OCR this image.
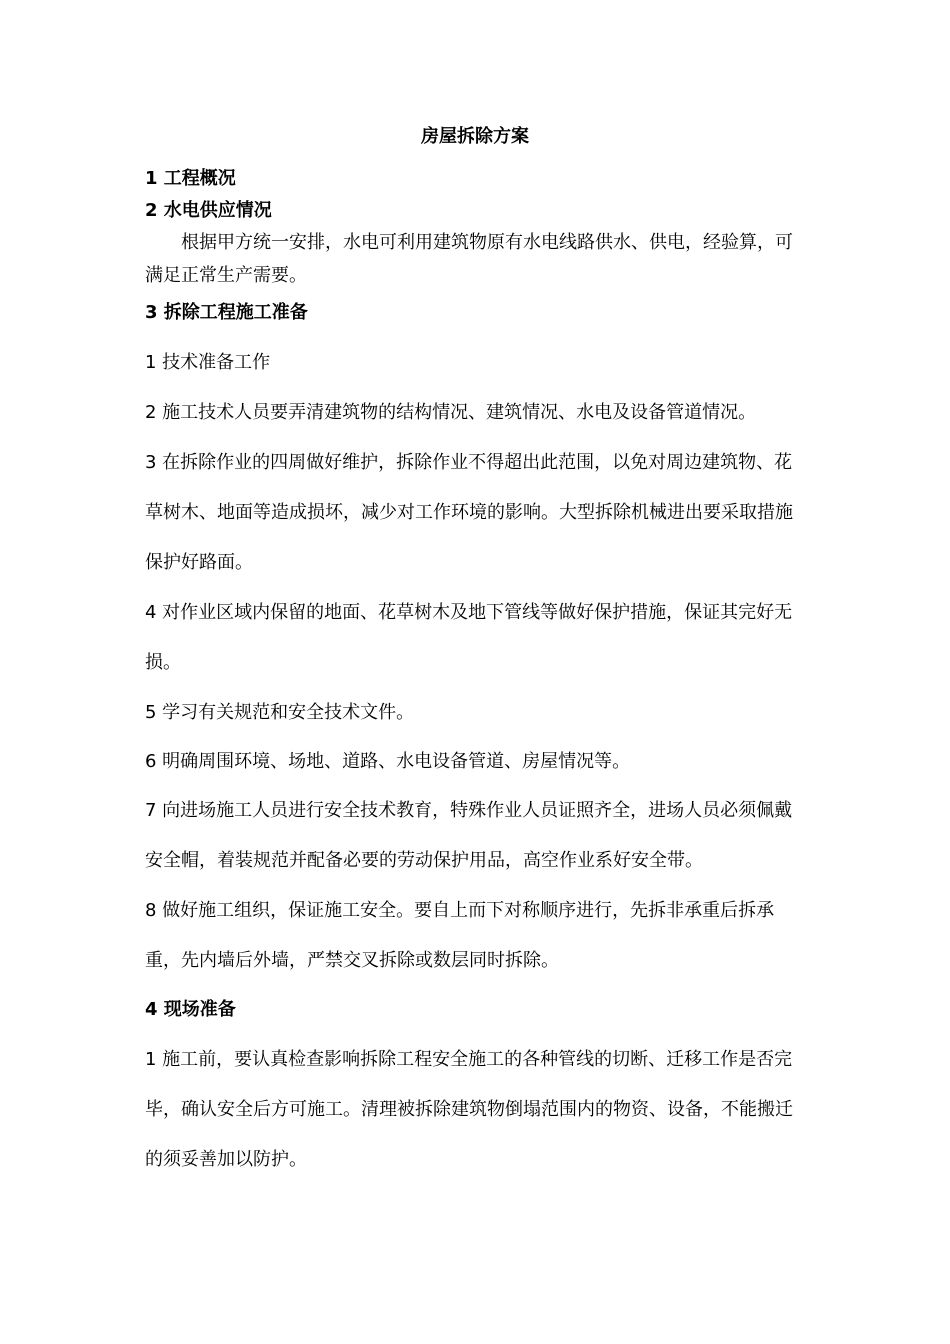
房屋拆除方案
1 工程概况
2 水电供应情况

根据甲方统一安排，水电可利用建筑物原有水电线路供水、供电，经验算，可满足正常生产需要。

3 拆除工程施工准备

1 技术准备工作

2 施工技术人员要弄清建筑物的结构情况、建筑情况、水电及设备管道情况。

3 在拆除作业的四周做好维护，拆除作业不得超出此范围，以免对周边建筑物、花草树木、地面等造成损坏，减少对工作环境的影响。大型拆除机械进出要采取措施保护好路面。

4 对作业区域内保留的地面、花草树木及地下管线等做好保护措施，保证其完好无损。

5 学习有关规范和安全技术文件。

6 明确周围环境、场地、道路、水电设备管道、房屋情况等。

7 向进场施工人员进行安全技术教育，特殊作业人员证照齐全，进场人员必须佩戴安全帽，着装规范并配备必要的劳动保护用品，高空作业系好安全带。

8 做好施工组织，保证施工安全。要自上而下对称顺序进行，先拆非承重后拆承重，先内墙后外墙，严禁交叉拆除或数层同时拆除。

4 现场准备

1 施工前，要认真检查影响拆除工程安全施工的各种管线的切断、迁移工作是否完毕，确认安全后方可施工。清理被拆除建筑物倒塌范围内的物资、设备，不能搬迁的须妥善加以防护。
